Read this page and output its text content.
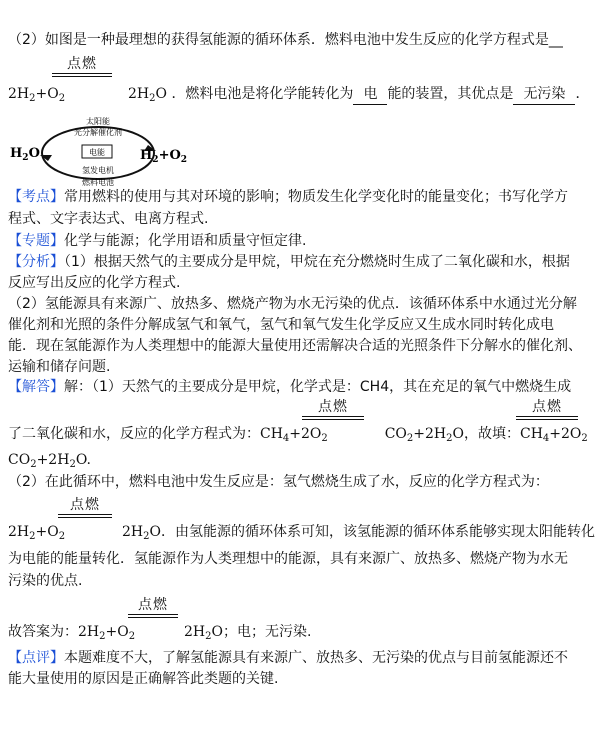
（2）如图是一种最理想的获得氢能源的循环体系．燃料电池中发生反应的化学方程式是__
点燃
$2H_2+O_2$	$2H_2O$ ．燃料电池是将化学能转化为 电 能的装置，其优点是 无污染 ．
电能
太阳能
光分解催化剂
氢发电机
燃料电池
$H_2O$	$H_2+O_2$
【考点】常用燃料的使用与其对环境的影响；物质发生化学变化时的能量变化；书写化学方
程式、文字表达式、电离方程式.
【专题】化学与能源；化学用语和质量守恒定律.
【分析】（1）根据天然气的主要成分是甲烷，甲烷在充分燃烧时生成了二氧化碳和水，根据
反应写出反应的化学方程式.
（2）氢能源具有来源广、放热多、燃烧产物为水无污染的优点．该循环体系中水通过光分解
催化剂和光照的条件分解成氢气和氧气，氢气和氧气发生化学反应又生成水同时转化成电
能．现在氢能源作为人类理想中的能源大量使用还需解决合适的光照条件下分解水的催化剂、
运输和储存问题.
【解答】解：（1）天然气的主要成分是甲烷，化学式是：CH4，其在充足的氧气中燃烧生成
点燃	点燃
了二氧化碳和水，反应的化学方程式为：$CH_4+2O_2$	$CO_2+2H_2O$，故填：$CH_4+2O_2$
$CO_2+2H_2O$.
（2）在此循环中，燃料电池中发生反应是：氢气燃烧生成了水，反应的化学方程式为：
点燃
$2H_2+O_2$	$2H_2O$．由氢能源的循环体系可知，该氢能源的循环体系能够实现太阳能转化
为电能的能量转化．氢能源作为人类理想中的能源，具有来源广、放热多、燃烧产物为水无
污染的优点.
点燃
故答案为：$2H_2+O_2$	$2H_2O$；电；无污染.
【点评】本题难度不大，了解氢能源具有来源广、放热多、无污染的优点与目前氢能源还不
能大量使用的原因是正确解答此类题的关键.
